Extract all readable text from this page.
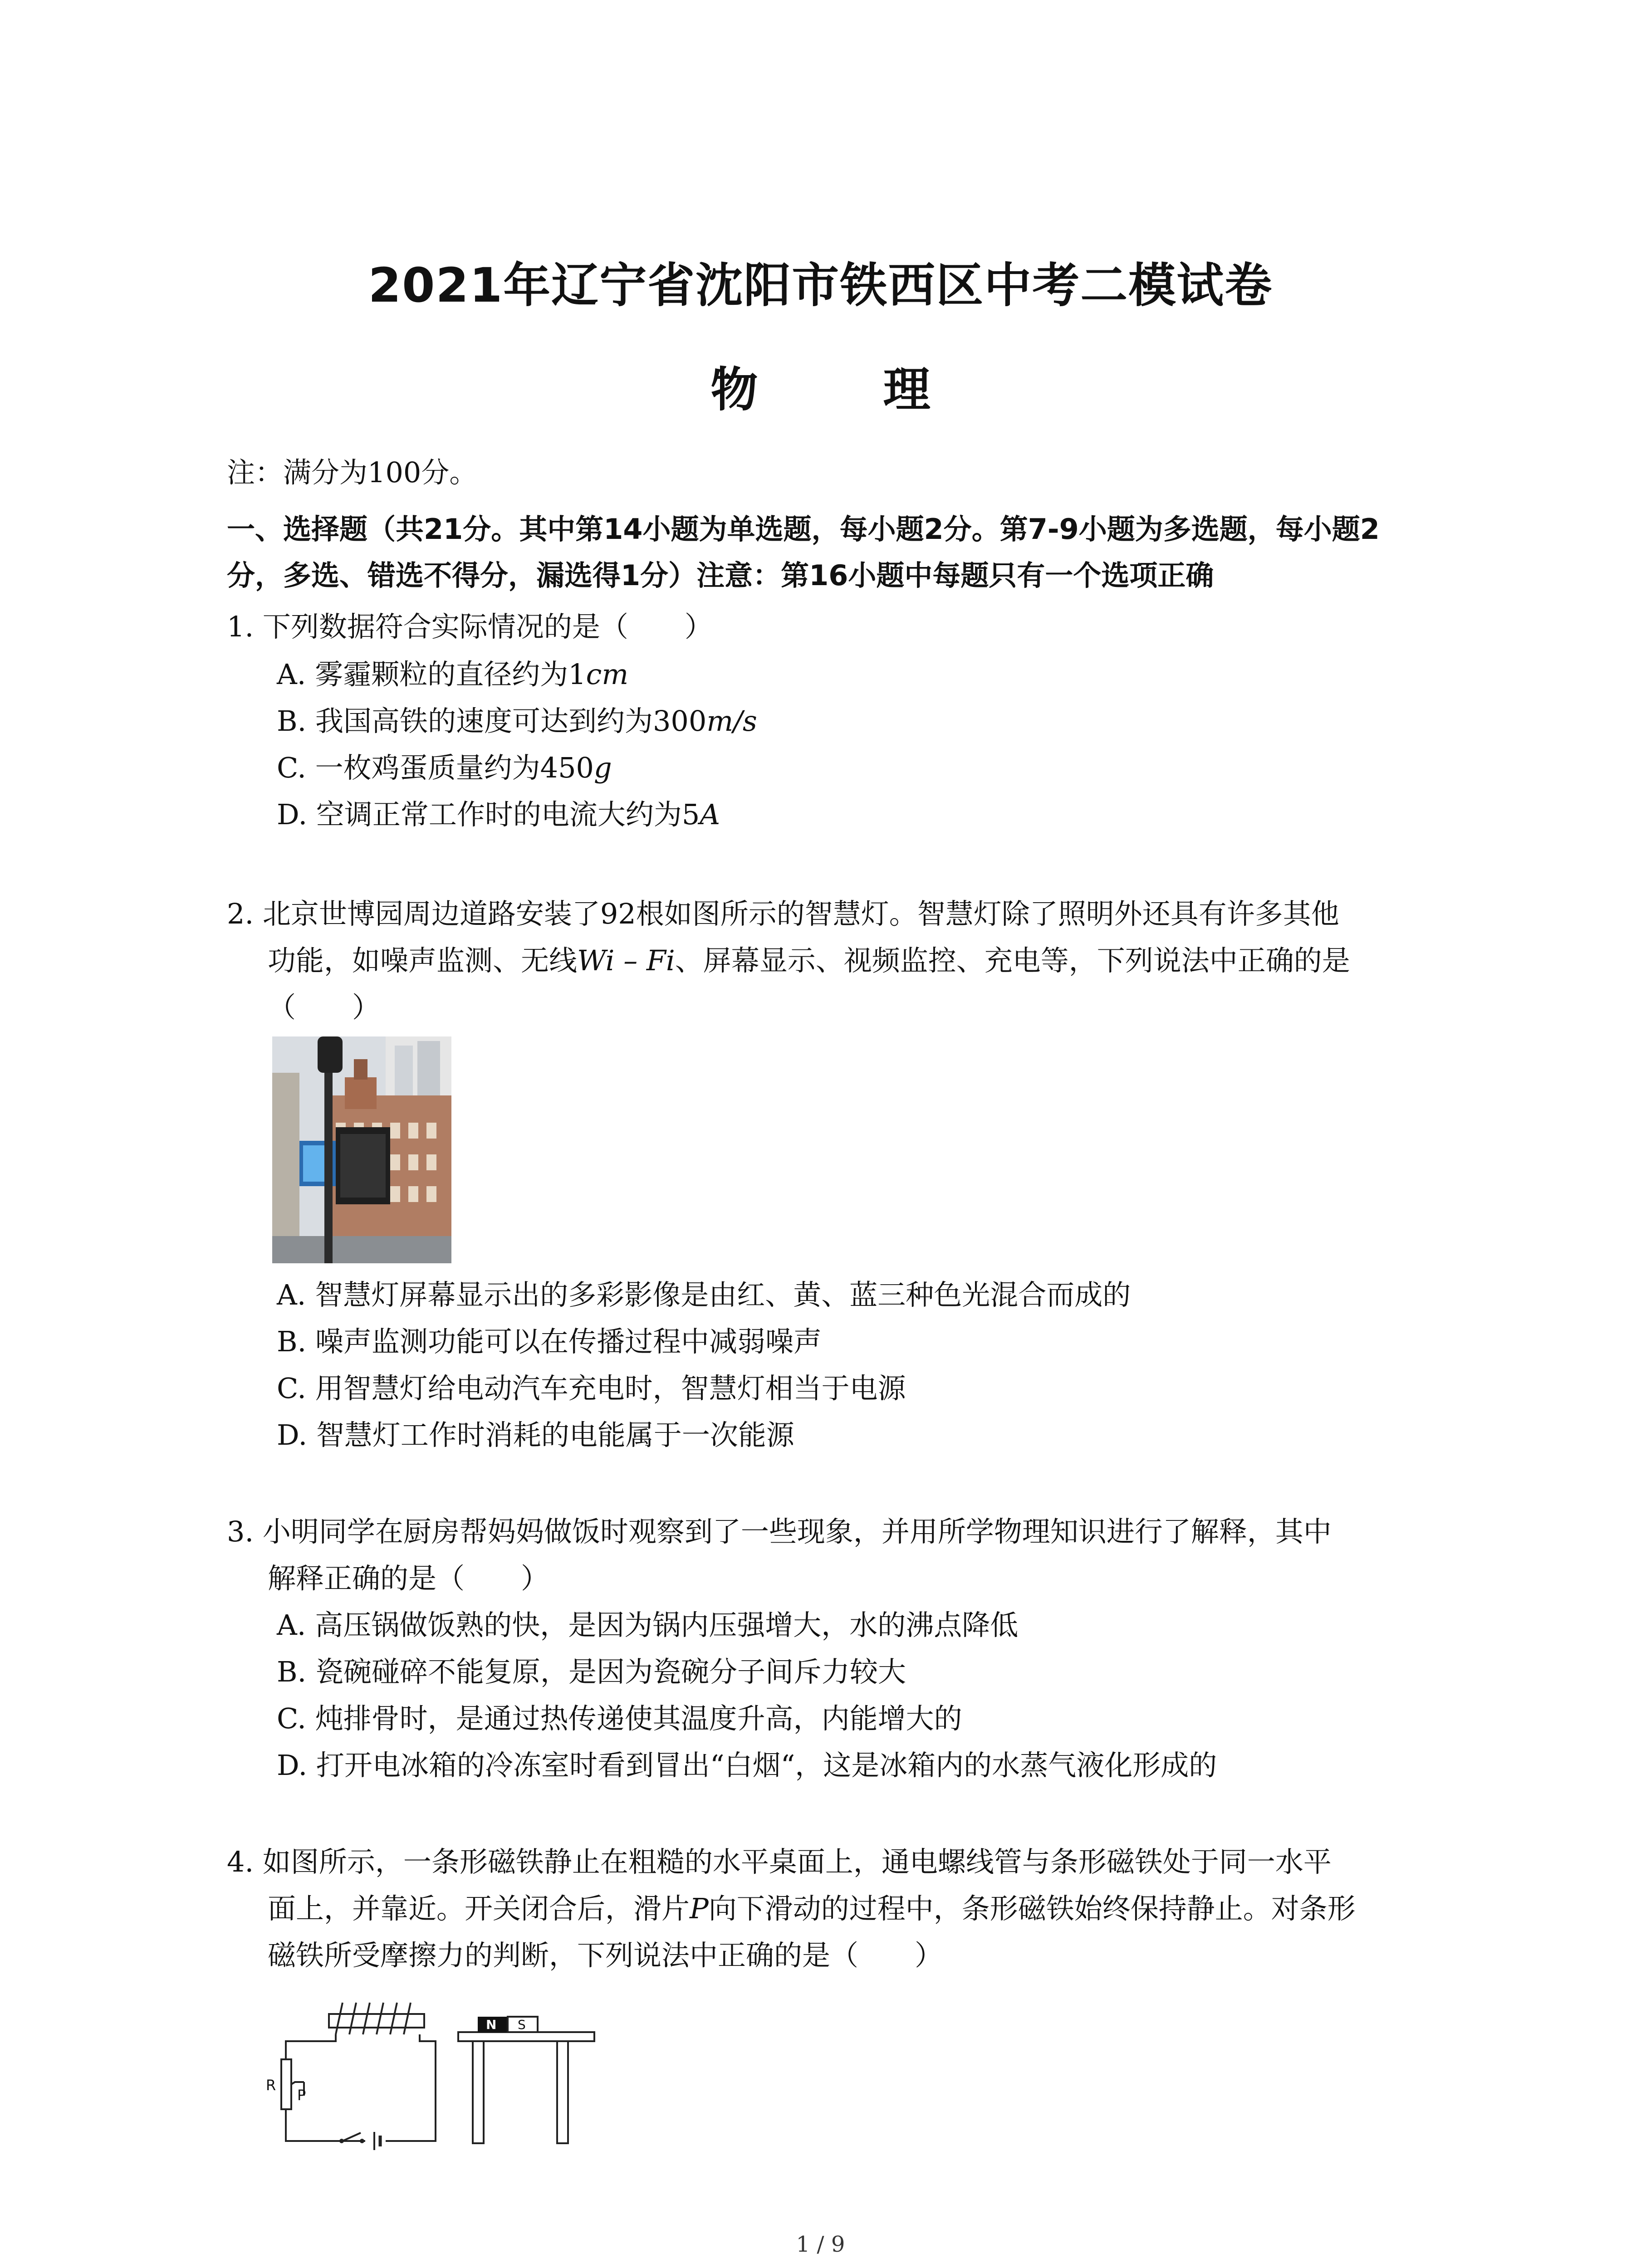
2021年辽宁省沈阳市铁西区中考二模试卷
物 理
注：满分为100分。
一、选择题（共21分。其中第14小题为单选题，每小题2分。第7-9小题为多选题，每小题2
分，多选、错选不得分，漏选得1分）注意：第16小题中每题只有一个选项正确
1. 下列数据符合实际情况的是（　　）
A. 雾霾颗粒的直径约为1cm
B. 我国高铁的速度可达到约为300m/s
C. 一枚鸡蛋质量约为450g
D. 空调正常工作时的电流大约为5A
2. 北京世博园周边道路安装了92根如图所示的智慧灯。智慧灯除了照明外还具有许多其他
功能，如噪声监测、无线Wi – Fi、屏幕显示、视频监控、充电等，下列说法中正确的是
（　　）
A. 智慧灯屏幕显示出的多彩影像是由红、黄、蓝三种色光混合而成的
B. 噪声监测功能可以在传播过程中减弱噪声
C. 用智慧灯给电动汽车充电时，智慧灯相当于电源
D. 智慧灯工作时消耗的电能属于一次能源
3. 小明同学在厨房帮妈妈做饭时观察到了一些现象，并用所学物理知识进行了解释，其中
解释正确的是（　　）
A. 高压锅做饭熟的快，是因为锅内压强增大，水的沸点降低
B. 瓷碗碰碎不能复原，是因为瓷碗分子间斥力较大
C. 炖排骨时，是通过热传递使其温度升高，内能增大的
D. 打开电冰箱的冷冻室时看到冒出“白烟“，这是冰箱内的水蒸气液化形成的
4. 如图所示，一条形磁铁静止在粗糙的水平桌面上，通电螺线管与条形磁铁处于同一水平
面上，并靠近。开关闭合后，滑片P向下滑动的过程中，条形磁铁始终保持静止。对条形
磁铁所受摩擦力的判断，下列说法中正确的是（　　）
N S
R
P
1 / 9
